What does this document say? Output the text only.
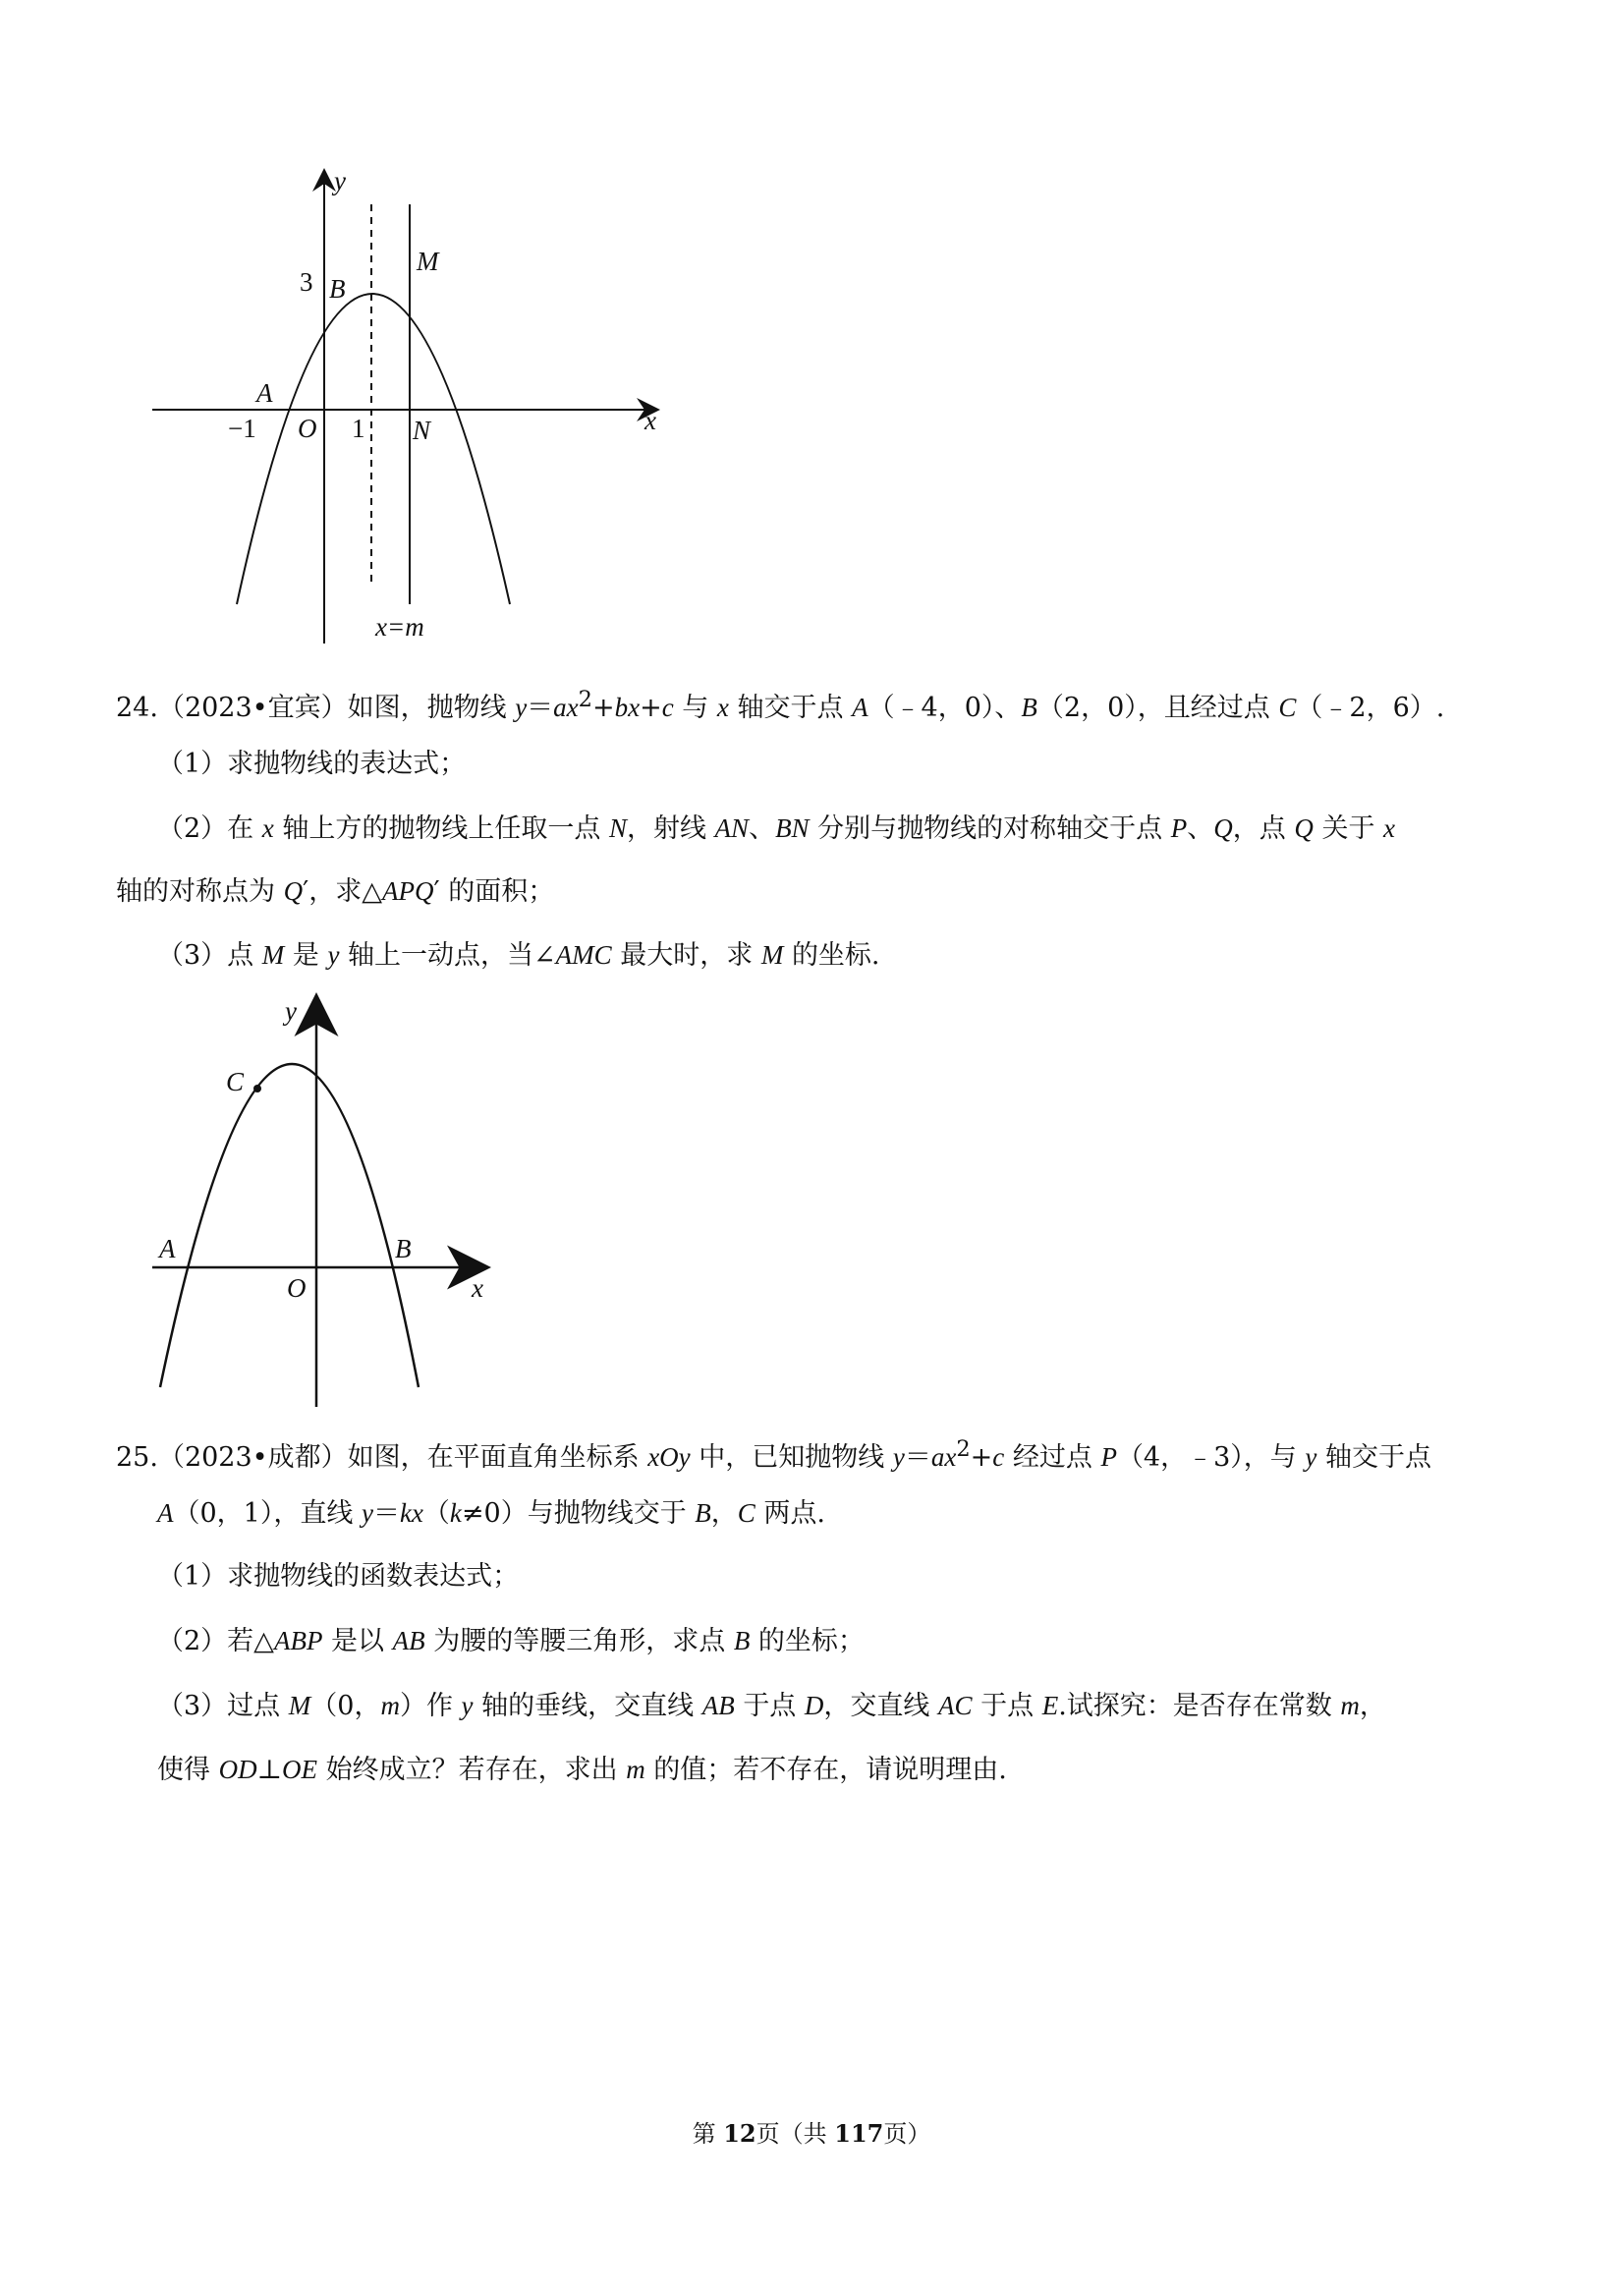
y
x
3 B
M
A
−1 O 1 N
x=m
24.（2023•宜宾）如图，抛物线 $y=ax^2+bx+c$ 与 x 轴交于点 A（﹣4，0）、B（2，0），且经过点 C（﹣2，6）.
（1）求抛物线的表达式；
（2）在 x 轴上方的抛物线上任取一点 N，射线 AN、BN 分别与抛物线的对称轴交于点 P、Q，点 Q 关于 x
轴的对称点为 Q′，求△APQ′ 的面积；
（3）点 M 是 y 轴上一动点，当∠AMC 最大时，求 M 的坐标.
y
x
C
A	B
O
25.（2023•成都）如图，在平面直角坐标系 xOy 中，已知抛物线 $y=ax^2+c$ 经过点 P（4，﹣3），与 y 轴交于点
A（0，1），直线 y＝kx（k≠0）与抛物线交于 B，C 两点.
（1）求抛物线的函数表达式；
（2）若△ABP 是以 AB 为腰的等腰三角形，求点 B 的坐标；
（3）过点 M（0，m）作 y 轴的垂线，交直线 AB 于点 D，交直线 AC 于点 E.试探究：是否存在常数 m，
使得 OD⊥OE 始终成立？若存在，求出 m 的值；若不存在，请说明理由.
第 12页（共 117页）
